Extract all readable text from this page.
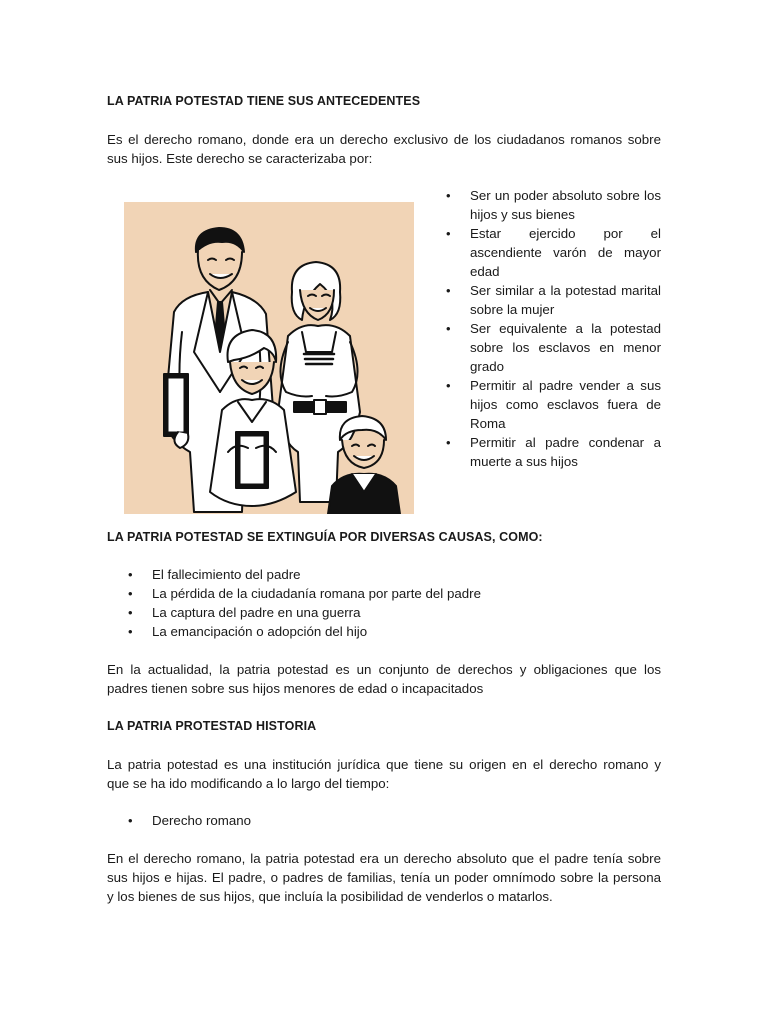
LA PATRIA POTESTAD TIENE SUS ANTECEDENTES
Es el derecho romano, donde era un derecho exclusivo de los ciudadanos romanos sobre
sus hijos. Este derecho se caracterizaba por:
• Ser un poder absoluto sobre los hijos y sus bienes
• Estar ejercido por el ascendiente varón de mayor edad
• Ser similar a la potestad marital sobre la mujer
• Ser equivalente a la potestad sobre los esclavos en menor grado
• Permitir al padre vender a sus hijos como esclavos fuera de Roma
• Permitir al padre condenar a muerte a sus hijos
LA PATRIA POTESTAD SE EXTINGUÍA POR DIVERSAS CAUSAS, COMO:
• El fallecimiento del padre
• La pérdida de la ciudadanía romana por parte del padre
• La captura del padre en una guerra
• La emancipación o adopción del hijo
En la actualidad, la patria potestad es un conjunto de derechos y obligaciones que los
padres tienen sobre sus hijos menores de edad o incapacitados
LA PATRIA PROTESTAD HISTORIA
La patria potestad es una institución jurídica que tiene su origen en el derecho romano y
que se ha ido modificando a lo largo del tiempo:
• Derecho romano
En el derecho romano, la patria potestad era un derecho absoluto que el padre tenía sobre
sus hijos e hijas. El padre, o padres de familias, tenía un poder omnímodo sobre la persona
y los bienes de sus hijos, que incluía la posibilidad de venderlos o matarlos.
